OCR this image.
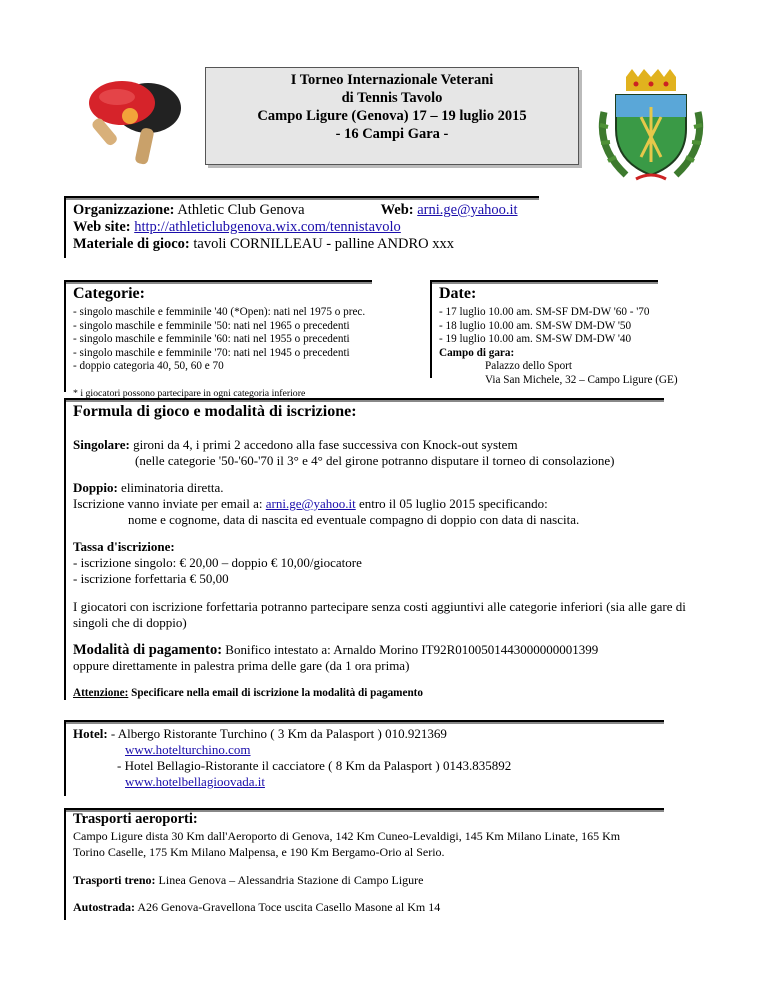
I Torneo Internazionale Veterani
di Tennis Tavolo
Campo Ligure (Genova) 17 – 19 luglio 2015
- 16 Campi Gara -
Organizzazione: Athletic Club Genova	Web: arni.ge@yahoo.it
Web site: http://athleticlubgenova.wix.com/tennistavolo
Materiale di gioco: tavoli CORNILLEAU - palline ANDRO xxx
Categorie:
- singolo maschile e femminile '40 (*Open): nati nel 1975 o prec.
- singolo maschile e femminile '50: nati nel 1965 o precedenti
- singolo maschile e femminile '60: nati nel 1955 o precedenti
- singolo maschile e femminile '70: nati nel 1945 o precedenti
- doppio categoria 40, 50, 60 e 70
* i giocatori possono partecipare in ogni categoria inferiore
Date:
- 17 luglio 10.00 am. SM-SF DM-DW '60 - '70
- 18 luglio 10.00 am. SM-SW DM-DW '50
- 19 luglio 10.00 am. SM-SW DM-DW '40
Campo di gara:
Palazzo dello Sport
Via San Michele, 32 – Campo Ligure (GE)
Formula di gioco e modalità di iscrizione:
Singolare: gironi da 4, i primi 2 accedono alla fase successiva con Knock-out system
(nelle categorie '50-'60-'70 il 3° e 4° del girone potranno disputare il torneo di consolazione)
Doppio: eliminatoria diretta.
Iscrizione vanno inviate per email a: arni.ge@yahoo.it entro il 05 luglio 2015 specificando:
nome e cognome, data di nascita ed eventuale compagno di doppio con data di nascita.
Tassa d'iscrizione:
- iscrizione singolo: € 20,00 – doppio € 10,00/giocatore
- iscrizione forfettaria € 50,00
I giocatori con iscrizione forfettaria potranno partecipare senza costi aggiuntivi alle categorie inferiori (sia alle gare di
singoli che di doppio)
Modalità di pagamento: Bonifico intestato a: Arnaldo Morino IT92R0100501443000000001399
oppure direttamente in palestra prima delle gare (da 1 ora prima)
Attenzione: Specificare nella email di iscrizione la modalità di pagamento
Hotel: - Albergo Ristorante Turchino ( 3 Km da Palasport ) 010.921369
www.hotelturchino.com
- Hotel Bellagio-Ristorante il cacciatore ( 8 Km da Palasport ) 0143.835892
www.hotelbellagioovada.it
Trasporti aeroporti:
Campo Ligure dista 30 Km dall'Aeroporto di Genova, 142 Km Cuneo-Levaldigi, 145 Km Milano Linate, 165 Km
Torino Caselle, 175 Km Milano Malpensa, e 190 Km Bergamo-Orio al Serio.
Trasporti treno: Linea Genova – Alessandria Stazione di Campo Ligure
Autostrada: A26 Genova-Gravellona Toce uscita Casello Masone al Km 14
